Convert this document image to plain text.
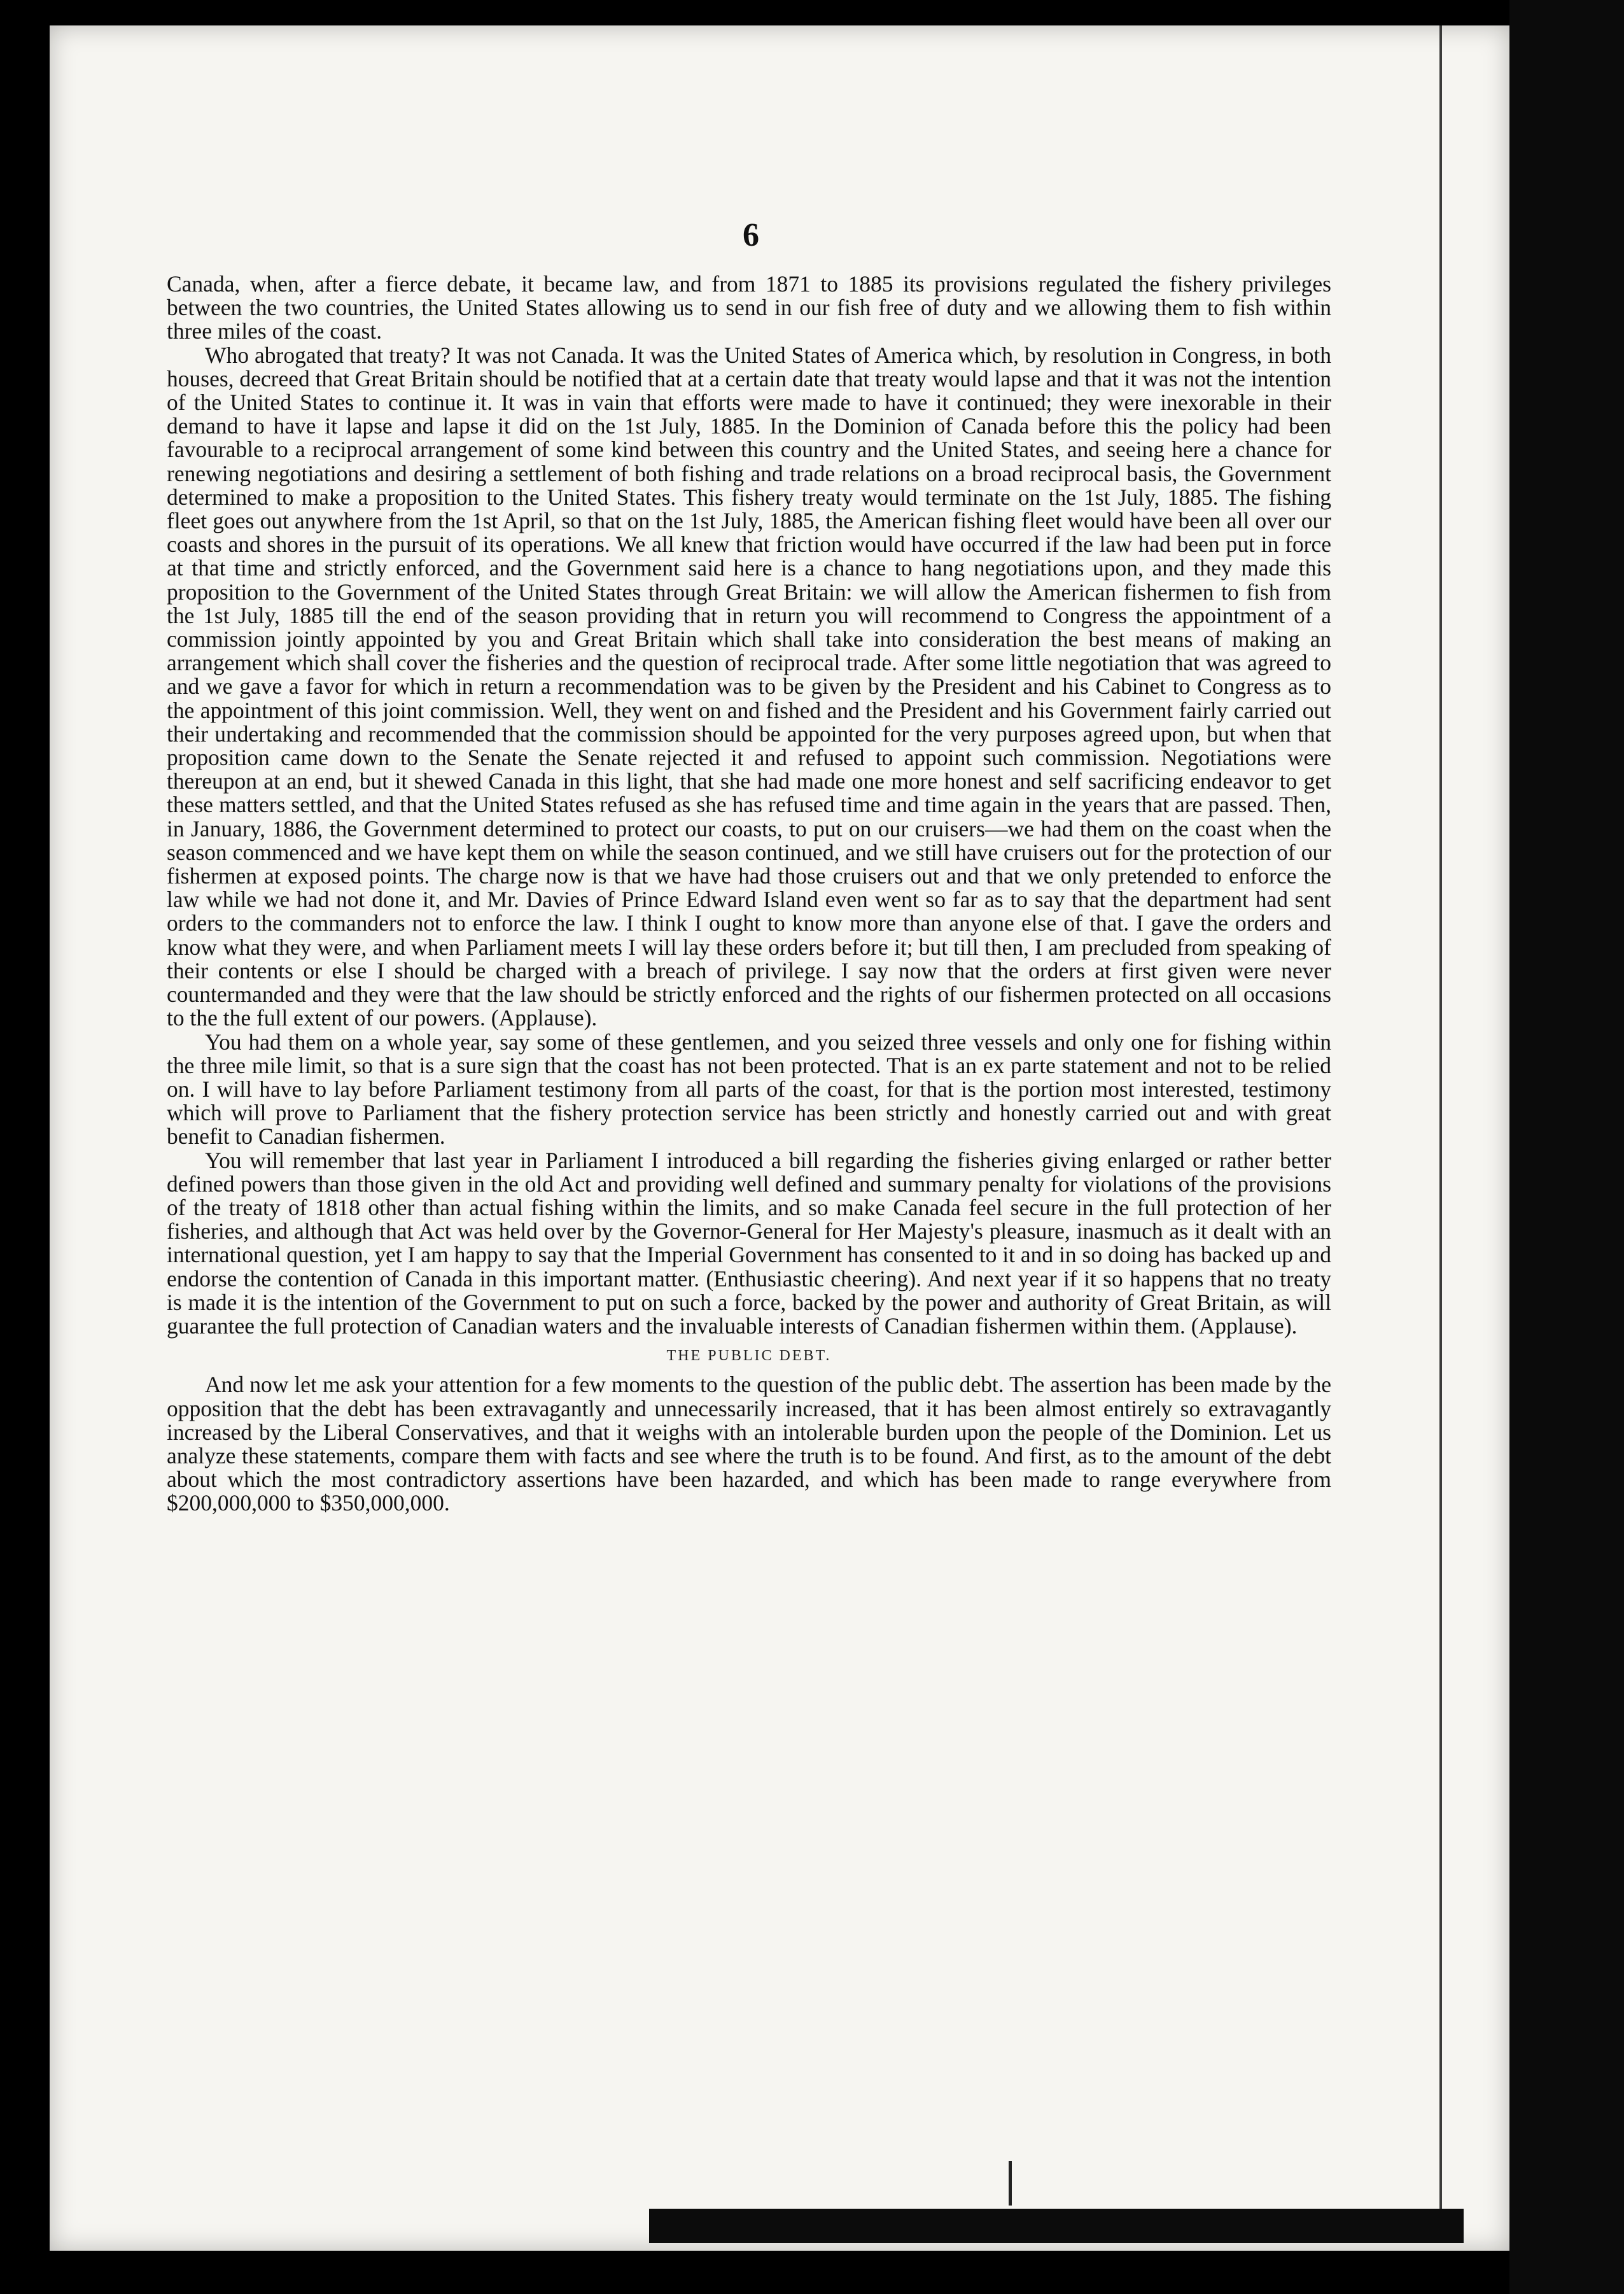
6

Canada, when, after a fierce debate, it became law, and from 1871 to 1885 its provisions regulated the fishery privileges between the two countries, the United States allowing us to send in our fish free of duty and we allowing them to fish within three miles of the coast.

Who abrogated that treaty? It was not Canada. It was the United States of America which, by resolution in Congress, in both houses, decreed that Great Britain should be notified that at a certain date that treaty would lapse and that it was not the intention of the United States to continue it. It was in vain that efforts were made to have it continued; they were inexorable in their demand to have it lapse and lapse it did on the 1st July, 1885. In the Dominion of Canada before this the policy had been favourable to a reciprocal arrangement of some kind between this country and the United States, and seeing here a chance for renewing negotiations and desiring a settlement of both fishing and trade relations on a broad reciprocal basis, the Government determined to make a proposition to the United States. This fishery treaty would terminate on the 1st July, 1885. The fishing fleet goes out anywhere from the 1st April, so that on the 1st July, 1885, the American fishing fleet would have been all over our coasts and shores in the pursuit of its operations. We all knew that friction would have occurred if the law had been put in force at that time and strictly enforced, and the Government said here is a chance to hang negotiations upon, and they made this proposition to the Government of the United States through Great Britain: we will allow the American fishermen to fish from the 1st July, 1885 till the end of the season providing that in return you will recommend to Congress the appointment of a commission jointly appointed by you and Great Britain which shall take into consideration the best means of making an arrangement which shall cover the fisheries and the question of reciprocal trade. After some little negotiation that was agreed to and we gave a favor for which in return a recommendation was to be given by the President and his Cabinet to Congress as to the appointment of this joint commission. Well, they went on and fished and the President and his Government fairly carried out their undertaking and recommended that the commission should be appointed for the very purposes agreed upon, but when that proposition came down to the Senate the Senate rejected it and refused to appoint such commission. Negotiations were thereupon at an end, but it shewed Canada in this light, that she had made one more honest and self sacrificing endeavor to get these matters settled, and that the United States refused as she has refused time and time again in the years that are passed. Then, in January, 1886, the Government determined to protect our coasts, to put on our cruisers—we had them on the coast when the season commenced and we have kept them on while the season continued, and we still have cruisers out for the protection of our fishermen at exposed points. The charge now is that we have had those cruisers out and that we only pretended to enforce the law while we had not done it, and Mr. Davies of Prince Edward Island even went so far as to say that the department had sent orders to the commanders not to enforce the law. I think I ought to know more than anyone else of that. I gave the orders and know what they were, and when Parliament meets I will lay these orders before it; but till then, I am precluded from speaking of their contents or else I should be charged with a breach of privilege. I say now that the orders at first given were never countermanded and they were that the law should be strictly enforced and the rights of our fishermen protected on all occasions to the the full extent of our powers. (Applause).

You had them on a whole year, say some of these gentlemen, and you seized three vessels and only one for fishing within the three mile limit, so that is a sure sign that the coast has not been protected. That is an ex parte statement and not to be relied on. I will have to lay before Parliament testimony from all parts of the coast, for that is the portion most interested, testimony which will prove to Parliament that the fishery protection service has been strictly and honestly carried out and with great benefit to Canadian fishermen.

You will remember that last year in Parliament I introduced a bill regarding the fisheries giving enlarged or rather better defined powers than those given in the old Act and providing well defined and summary penalty for violations of the provisions of the treaty of 1818 other than actual fishing within the limits, and so make Canada feel secure in the full protection of her fisheries, and although that Act was held over by the Governor-General for Her Majesty's pleasure, inasmuch as it dealt with an international question, yet I am happy to say that the Imperial Government has consented to it and in so doing has backed up and endorse the contention of Canada in this important matter. (Enthusiastic cheering). And next year if it so happens that no treaty is made it is the intention of the Government to put on such a force, backed by the power and authority of Great Britain, as will guarantee the full protection of Canadian waters and the invaluable interests of Canadian fishermen within them. (Applause).

THE PUBLIC DEBT.

And now let me ask your attention for a few moments to the question of the public debt. The assertion has been made by the opposition that the debt has been extravagantly and unnecessarily increased, that it has been almost entirely so extravagantly increased by the Liberal Conservatives, and that it weighs with an intolerable burden upon the people of the Dominion. Let us analyze these statements, compare them with facts and see where the truth is to be found. And first, as to the amount of the debt about which the most contradictory assertions have been hazarded, and which has been made to range everywhere from $200,000,000 to $350,000,000.
